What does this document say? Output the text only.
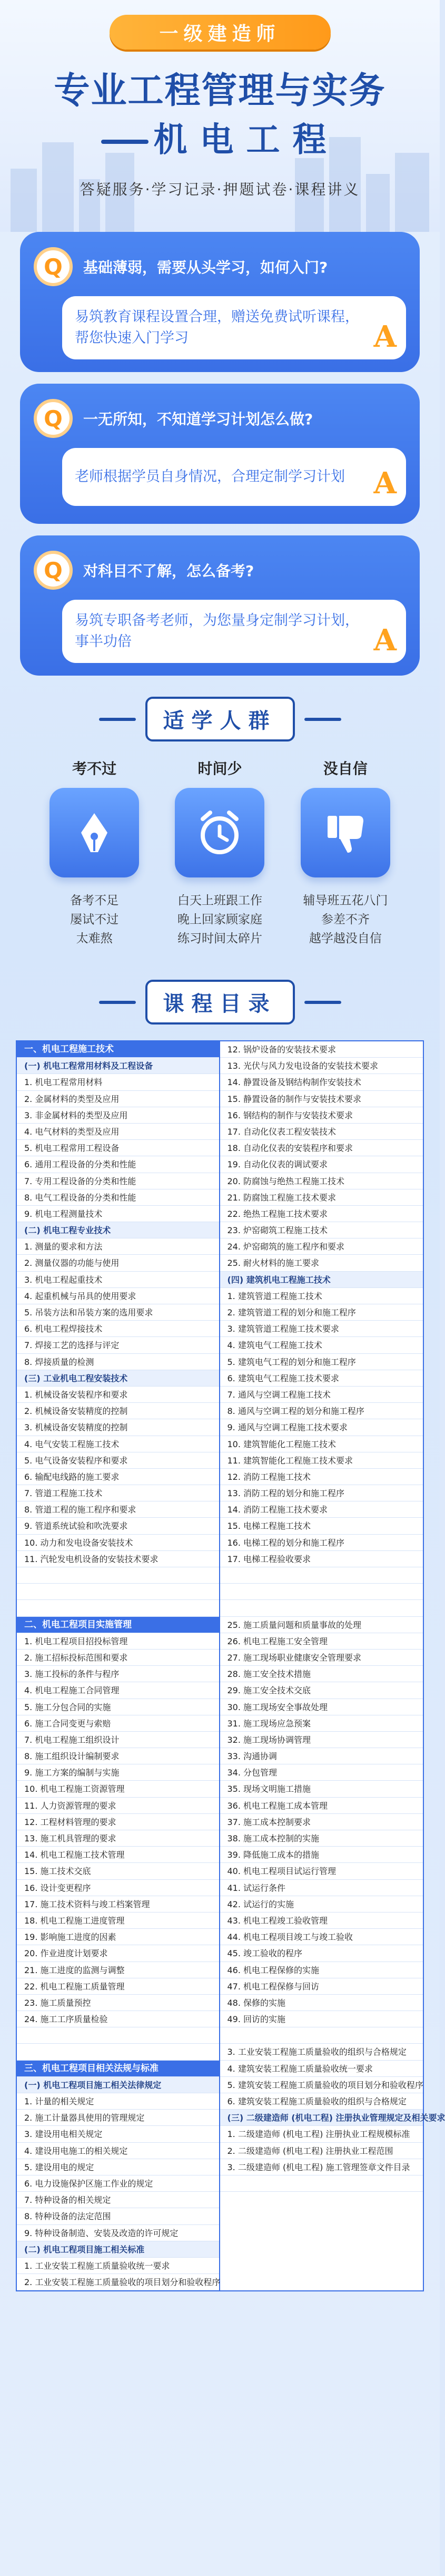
一级建造师
专业工程管理与实务
机电工程
答疑服务·学习记录·押题试卷·课程讲义
Q	基础薄弱，需要从头学习，如何入门?
易筑教育课程设置合理，赠送免费试听课程，帮您快速入门学习	A
Q	一无所知，不知道学习计划怎么做?
老师根据学员自身情况，合理定制学习计划 A
Q	对科目不了解，怎么备考?
易筑专职备考老师，为您量身定制学习计划，事半功倍	A
适学人群
考不过
备考不足
屡试不过
太难熬
时间少
白天上班跟工作
晚上回家顾家庭
练习时间太碎片
没自信
辅导班五花八门
参差不齐
越学越没自信
课程目录
一、机电工程施工技术
(一) 机电工程常用材料及工程设备
1. 机电工程常用材料
2. 金属材料的类型及应用
3. 非金属材料的类型及应用
4. 电气材料的类型及应用
5. 机电工程常用工程设备
6. 通用工程设备的分类和性能
7. 专用工程设备的分类和性能
8. 电气工程设备的分类和性能
9. 机电工程测量技术
(二) 机电工程专业技术
1. 测量的要求和方法
2. 测量仪器的功能与使用
3. 机电工程起重技术
4. 起重机械与吊具的使用要求
5. 吊装方法和吊装方案的选用要求
6. 机电工程焊接技术
7. 焊接工艺的选择与评定
8. 焊接质量的检测
(三) 工业机电工程安装技术
1. 机械设备安装程序和要求
2. 机械设备安装精度的控制
3. 机械设备安装精度的控制
4. 电气安装工程施工技术
5. 电气设备安装程序和要求
6. 输配电线路的施工要求
7. 管道工程施工技术
8. 管道工程的施工程序和要求
9. 管道系统试验和吹洗要求
10. 动力和发电设备安装技术
11. 汽轮发电机设备的安装技术要求
二、机电工程项目实施管理
1. 机电工程项目招投标管理
2. 施工招标投标范围和要求
3. 施工投标的条件与程序
4. 机电工程施工合同管理
5. 施工分包合同的实施
6. 施工合同变更与索赔
7. 机电工程施工组织设计
8. 施工组织设计编制要求
9. 施工方案的编制与实施
10. 机电工程施工资源管理
11. 人力资源管理的要求
12. 工程材料管理的要求
13. 施工机具管理的要求
14. 机电工程施工技术管理
15. 施工技术交底
16. 设计变更程序
17. 施工技术资料与竣工档案管理
18. 机电工程施工进度管理
19. 影响施工进度的因素
20. 作业进度计划要求
21. 施工进度的监测与调整
22. 机电工程施工质量管理
23. 施工质量预控
24. 施工工序质量检验
三、机电工程项目相关法规与标准
(一) 机电工程项目施工相关法律规定
1. 计量的相关规定
2. 施工计量器具使用的管理规定
3. 建设用电相关规定
4. 建设用电施工的相关规定
5. 建设用电的规定
6. 电力设施保护区施工作业的规定
7. 特种设备的相关规定
8. 特种设备的法定范围
9. 特种设备制造、安装及改造的许可规定
(二) 机电工程项目施工相关标准
1. 工业安装工程施工质量验收统一要求
2. 工业安装工程施工质量验收的项目划分和验收程序
12. 锅炉设备的安装技术要求
13. 光伏与风力发电设备的安装技术要求
14. 静置设备及钢结构制作安装技术
15. 静置设备的制作与安装技术要求
16. 钢结构的制作与安装技术要求
17. 自动化仪表工程安装技术
18. 自动化仪表的安装程序和要求
19. 自动化仪表的调试要求
20. 防腐蚀与绝热工程施工技术
21. 防腐蚀工程施工技术要求
22. 绝热工程施工技术要求
23. 炉窑砌筑工程施工技术
24. 炉窑砌筑的施工程序和要求
25. 耐火材料的施工要求
(四) 建筑机电工程施工技术
1. 建筑管道工程施工技术
2. 建筑管道工程的划分和施工程序
3. 建筑管道工程施工技术要求
4. 建筑电气工程施工技术
5. 建筑电气工程的划分和施工程序
6. 建筑电气工程施工技术要求
7. 通风与空调工程施工技术
8. 通风与空调工程的划分和施工程序
9. 通风与空调工程施工技术要求
10. 建筑智能化工程施工技术
11. 建筑智能化工程施工技术要求
12. 消防工程施工技术
13. 消防工程的划分和施工程序
14. 消防工程施工技术要求
15. 电梯工程施工技术
16. 电梯工程的划分和施工程序
17. 电梯工程验收要求
25. 施工质量问题和质量事故的处理
26. 机电工程施工安全管理
27. 施工现场职业健康安全管理要求
28. 施工安全技术措施
29. 施工安全技术交底
30. 施工现场安全事故处理
31. 施工现场应急预案
32. 施工现场协调管理
33. 沟通协调
34. 分包管理
35. 现场文明施工措施
36. 机电工程施工成本管理
37. 施工成本控制要求
38. 施工成本控制的实施
39. 降低施工成本的措施
40. 机电工程项目试运行管理
41. 试运行条件
42. 试运行的实施
43. 机电工程竣工验收管理
44. 机电工程项目竣工与竣工验收
45. 竣工验收的程序
46. 机电工程保修的实施
47. 机电工程保修与回访
48. 保修的实施
49. 回访的实施
3. 工业安装工程施工质量验收的组织与合格规定
4. 建筑安装工程施工质量验收统一要求
5. 建筑安装工程施工质量验收的项目划分和验收程序
6. 建筑安装工程施工质量验收的组织与合格规定
(三) 二级建造师 (机电工程) 注册执业管理规定及相关要求
1. 二级建造师 (机电工程) 注册执业工程规模标准
2. 二级建造师 (机电工程) 注册执业工程范围
3. 二级建造师 (机电工程) 施工管理签章文件目录
